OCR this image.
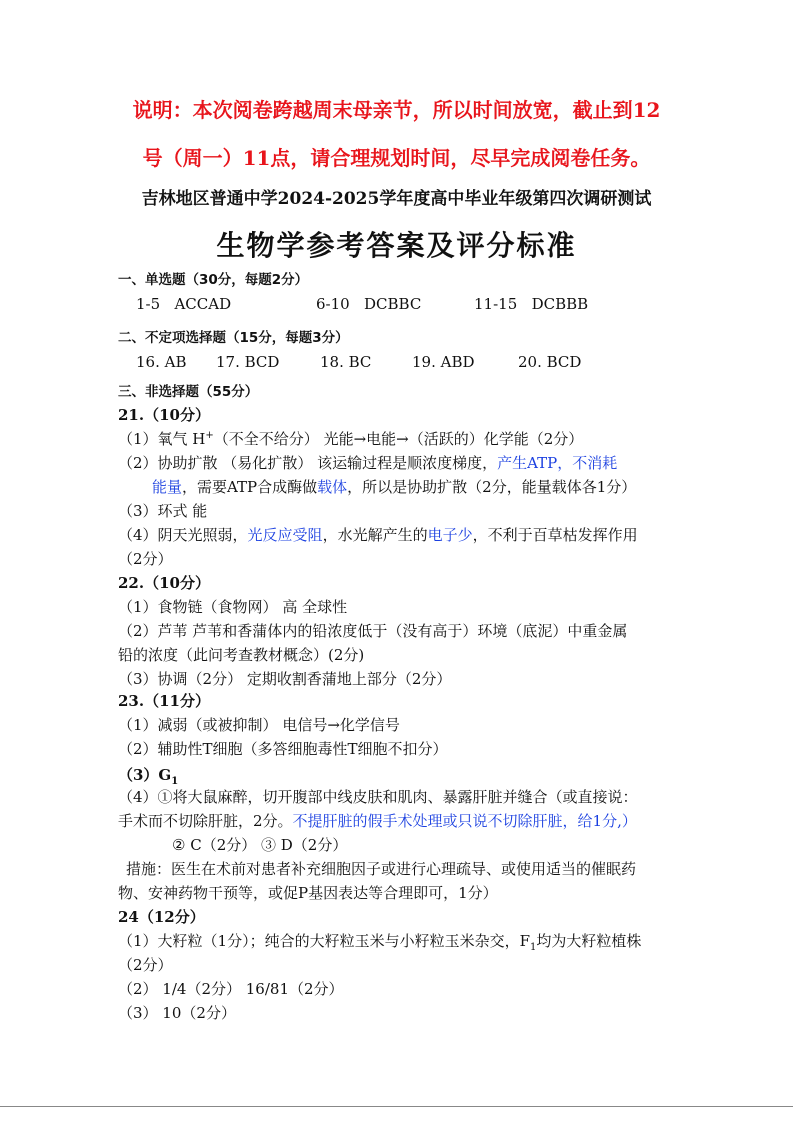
说明：本次阅卷跨越周末母亲节，所以时间放宽，截止到12
号（周一）11点，请合理规划时间，尽早完成阅卷任务。
吉林地区普通中学2024-2025学年度高中毕业年级第四次调研测试
生物学参考答案及评分标准
一、单选题（30分，每题2分）
1-5 ACCAD	6-10 DCBBC	11-15 DCBBB
二、不定项选择题（15分，每题3分）
16. AB 17. BCD	18. BC	19. ABD	20. BCD
三、非选择题（55分）
21.（10分）
（1）氧气 H+（不全不给分） 光能→电能→（活跃的）化学能（2分）
（2）协助扩散 （易化扩散） 该运输过程是顺浓度梯度，产生ATP，不消耗
能量，需要ATP合成酶做载体，所以是协助扩散（2分，能量载体各1分）
（3）环式 能
（4）阴天光照弱，光反应受阻，水光解产生的电子少，不利于百草枯发挥作用
（2分）
22.（10分）
（1）食物链（食物网） 高 全球性
（2）芦苇 芦苇和香蒲体内的铅浓度低于（没有高于）环境（底泥）中重金属
铅的浓度（此问考查教材概念）(2分)
（3）协调（2分） 定期收割香蒲地上部分（2分）
23.（11分）
（1）减弱（或被抑制） 电信号→化学信号
（2）辅助性T细胞（多答细胞毒性T细胞不扣分）
$(3)G_1$
（4）①将大鼠麻醉，切开腹部中线皮肤和肌肉、暴露肝脏并缝合（或直接说：
手术而不切除肝脏，2分。不提肝脏的假手术处理或只说不切除肝脏，给1分,）
② C（2分） ③ D（2分）
措施：医生在术前对患者补充细胞因子或进行心理疏导、或使用适当的催眠药
物、安神药物干预等，或促P基因表达等合理即可，1分）
24（12分）
（1）大籽粒（1分）；纯合的大籽粒玉米与小籽粒玉米杂交，$F_1$均为大籽粒植株
（2分）
（2） 1/4（2分） 16/81（2分）
（3） 10（2分）
